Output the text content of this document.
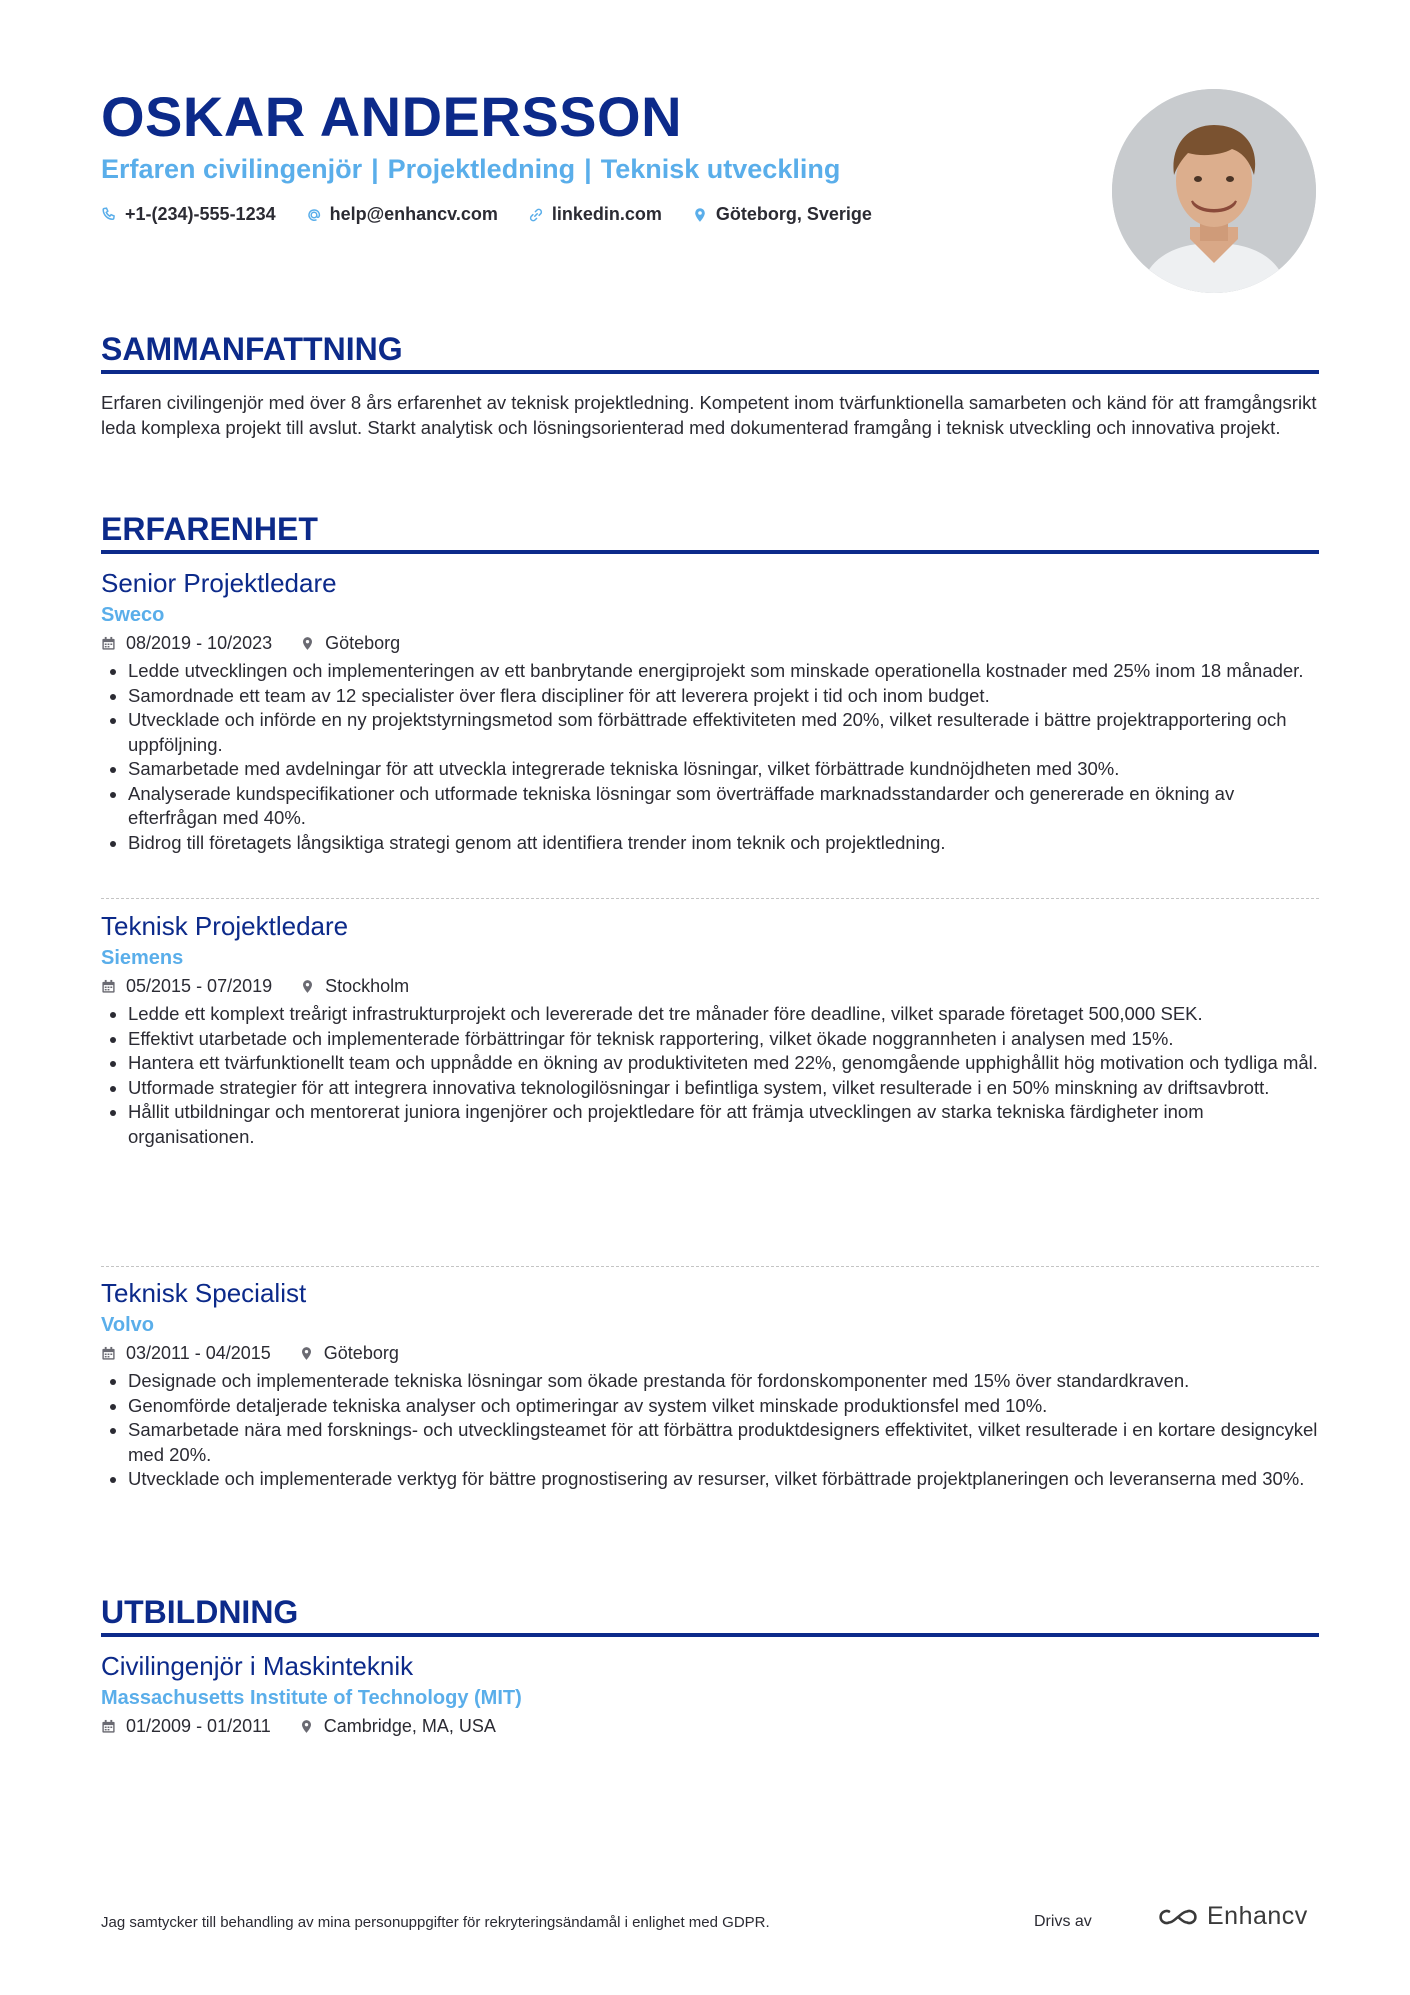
OSKAR ANDERSSON
Erfaren civilingenjör | Projektledning | Teknisk utveckling
+1-(234)-555-1234	help@enhancv.com	linkedin.com	Göteborg, Sverige
SAMMANFATTNING

Erfaren civilingenjör med över 8 års erfarenhet av teknisk projektledning. Kompetent inom tvärfunktionella samarbeten och känd för att framgångsrikt leda komplexa projekt till avslut. Starkt analytisk och lösningsorienterad med dokumenterad framgång i teknisk utveckling och innovativa projekt.

ERFARENHET
Senior Projektledare
Sweco
08/2019 - 10/2023	Göteborg
Ledde utvecklingen och implementeringen av ett banbrytande energiprojekt som minskade operationella kostnader med 25% inom 18 månader.
Samordnade ett team av 12 specialister över flera discipliner för att leverera projekt i tid och inom budget.
Utvecklade och införde en ny projektstyrningsmetod som förbättrade effektiviteten med 20%, vilket resulterade i bättre projektrapportering och uppföljning.
Samarbetade med avdelningar för att utveckla integrerade tekniska lösningar, vilket förbättrade kundnöjdheten med 30%.
Analyserade kundspecifikationer och utformade tekniska lösningar som överträffade marknadsstandarder och genererade en ökning av efterfrågan med 40%.
Bidrog till företagets långsiktiga strategi genom att identifiera trender inom teknik och projektledning.
Teknisk Projektledare
Siemens
05/2015 - 07/2019	Stockholm
Ledde ett komplext treårigt infrastrukturprojekt och levererade det tre månader före deadline, vilket sparade företaget 500,000 SEK.
Effektivt utarbetade och implementerade förbättringar för teknisk rapportering, vilket ökade noggrannheten i analysen med 15%.
Hantera ett tvärfunktionellt team och uppnådde en ökning av produktiviteten med 22%, genomgående upphighållit hög motivation och tydliga mål.
Utformade strategier för att integrera innovativa teknologilösningar i befintliga system, vilket resulterade i en 50% minskning av driftsavbrott.
Hållit utbildningar och mentorerat juniora ingenjörer och projektledare för att främja utvecklingen av starka tekniska färdigheter inom organisationen.
Teknisk Specialist
Volvo
03/2011 - 04/2015	Göteborg
Designade och implementerade tekniska lösningar som ökade prestanda för fordonskomponenter med 15% över standardkraven.
Genomförde detaljerade tekniska analyser och optimeringar av system vilket minskade produktionsfel med 10%.
Samarbetade nära med forsknings- och utvecklingsteamet för att förbättra produktdesigners effektivitet, vilket resulterade i en kortare designcykel med 20%.
Utvecklade och implementerade verktyg för bättre prognostisering av resurser, vilket förbättrade projektplaneringen och leveranserna med 30%.
UTBILDNING
Civilingenjör i Maskinteknik
Massachusetts Institute of Technology (MIT)
01/2009 - 01/2011	Cambridge, MA, USA
Jag samtycker till behandling av mina personuppgifter för rekryteringsändamål i enlighet med GDPR.	Drivs av	Enhancv
